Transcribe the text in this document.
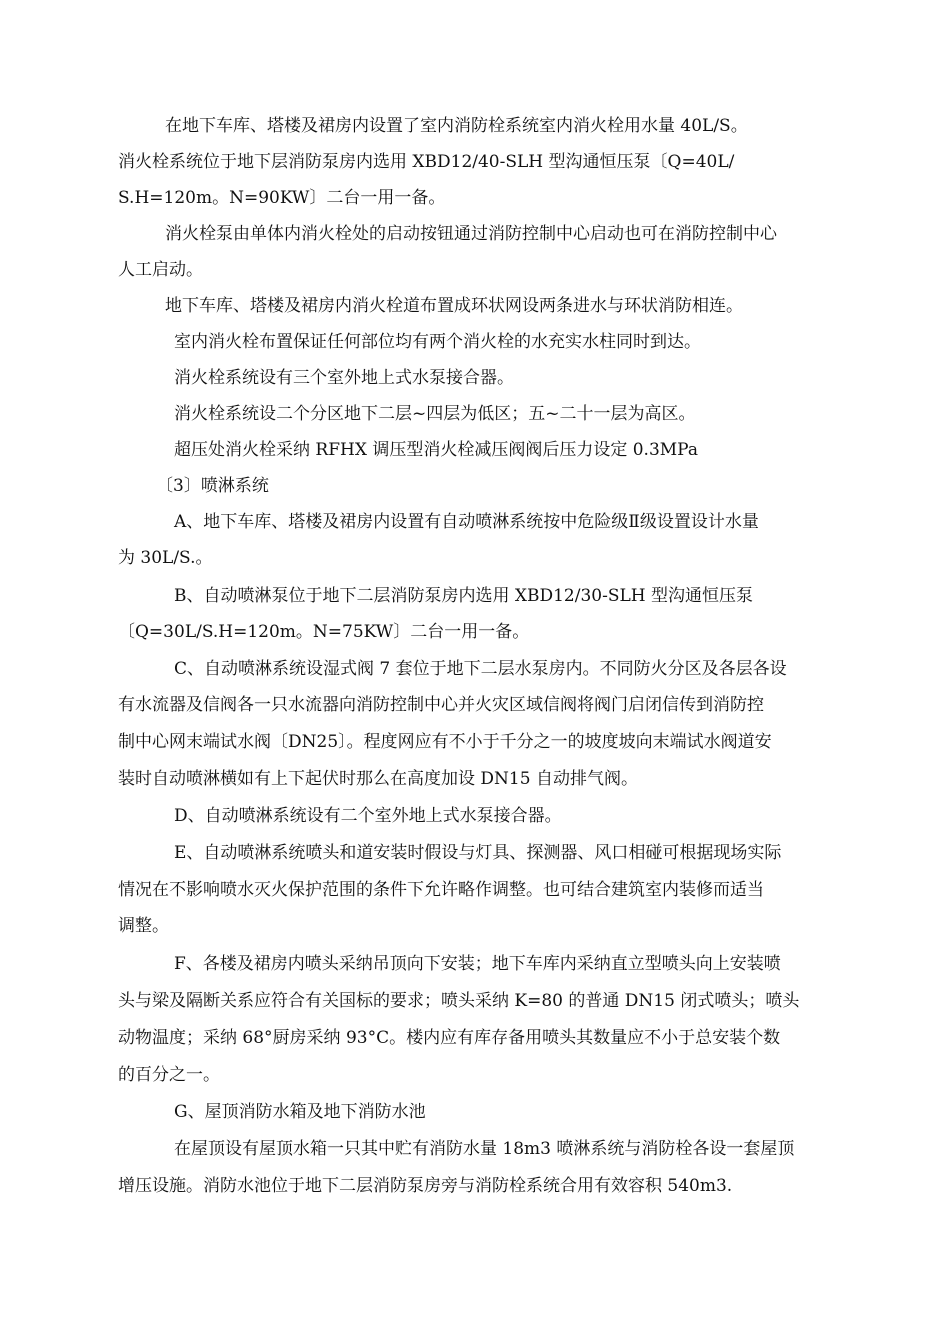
在地下车库、塔楼及裙房内设置了室内消防栓系统室内消火栓用水量 40L/S。
消火栓系统位于地下层消防泵房内选用 XBD12/40-SLH 型沟通恒压泵〔Q=40L/
S.H=120m。N=90KW〕二台一用一备。
消火栓泵由单体内消火栓处的启动按钮通过消防控制中心启动也可在消防控制中心
人工启动。
地下车库、塔楼及裙房内消火栓道布置成环状网设两条进水与环状消防相连。
室内消火栓布置保证任何部位均有两个消火栓的水充实水柱同时到达。
消火栓系统设有三个室外地上式水泵接合器。
消火栓系统设二个分区地下二层~四层为低区；五~二十一层为高区。
超压处消火栓采纳 RFHX 调压型消火栓减压阀阀后压力设定 0.3MPa
〔3〕喷淋系统
A、地下车库、塔楼及裙房内设置有自动喷淋系统按中危险级Ⅱ级设置设计水量
为 30L/S.。
B、自动喷淋泵位于地下二层消防泵房内选用 XBD12/30-SLH 型沟通恒压泵
〔Q=30L/S.H=120m。N=75KW〕二台一用一备。
C、自动喷淋系统设湿式阀 7 套位于地下二层水泵房内。不同防火分区及各层各设
有水流器及信阀各一只水流器向消防控制中心并火灾区域信阀将阀门启闭信传到消防控
制中心网末端试水阀〔DN25〕。程度网应有不小于千分之一的坡度坡向末端试水阀道安
装时自动喷淋横如有上下起伏时那么在高度加设 DN15 自动排气阀。
D、自动喷淋系统设有二个室外地上式水泵接合器。
E、自动喷淋系统喷头和道安装时假设与灯具、探测器、风口相碰可根据现场实际
情况在不影响喷水灭火保护范围的条件下允许略作调整。也可结合建筑室内装修而适当
调整。
F、各楼及裙房内喷头采纳吊顶向下安装；地下车库内采纳直立型喷头向上安装喷
头与梁及隔断关系应符合有关国标的要求；喷头采纳 K=80 的普通 DN15 闭式喷头；喷头
动物温度；采纳 68°厨房采纳 93°C。楼内应有库存备用喷头其数量应不小于总安装个数
的百分之一。
G、屋顶消防水箱及地下消防水池
在屋顶设有屋顶水箱一只其中贮有消防水量 18m3 喷淋系统与消防栓各设一套屋顶
增压设施。消防水池位于地下二层消防泵房旁与消防栓系统合用有效容积 540m3.
